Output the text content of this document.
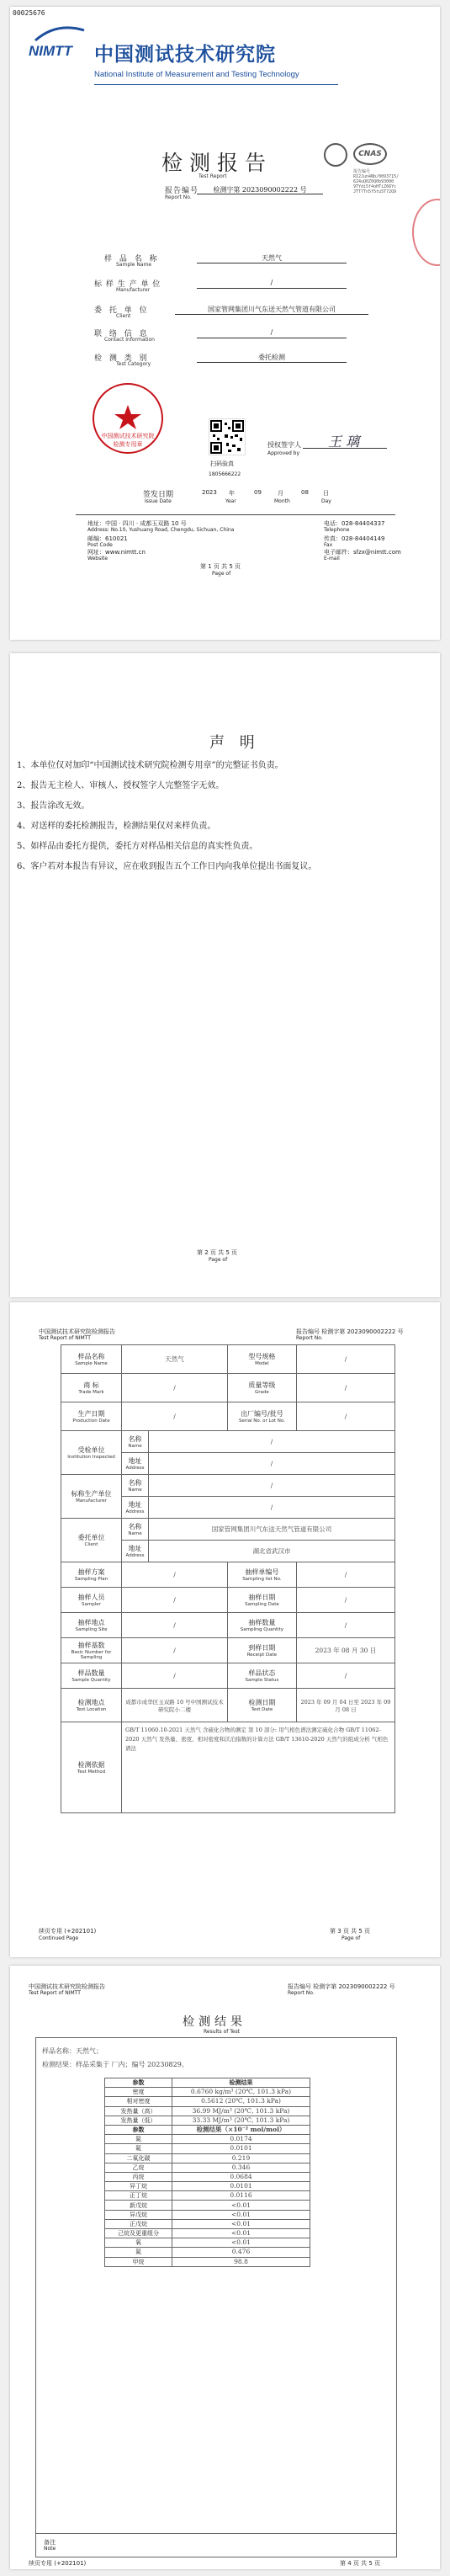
00025676
NIMTT 中国测试技术研究院
National Institute of Measurement and Testing Technology
检测报告
Test Report
CNAS
报告编号
RI2Jun4Nb/0093715/
6Z4uQ0Z0Q0b93000
9TYdi5f4oHTiZ66Yc
JTT7Tn5f5tu5T72Q9
报告编号
Report No.
检测字第 2023090002222 号
样 品 名 称
Sample Name
天然气
标 样 生 产 单 位
Manufacturer
/
委 托 单 位
Client
国家管网集团川气东送天然气管道有限公司
联 络 信 息
Contact Information
/
检 测 类 别
Test Category
委托检测
中国测试技术研究院 检测专用章
扫码验真
1805666222
授权签字人
Approved by
王 璃
签发日期
Issue Date
2023 年	09	月	08 日
Year	Month	Day
地址：中国 · 四川 · 成都玉双路 10 号
Address: No.10, Yushuang Road, Chengdu, Sichuan, China
邮编：610021
Post Code
网址：www.nimtt.cn
Website
电话：028-84404337
Telephone
传真：028-84404149
Fax
电子邮件：sfzx@nimtt.com
E-mail
第 1 页 共 5 页
Page of
声 明
1、本单位仅对加印“中国测试技术研究院检测专用章”的完整证书负责。
2、报告无主检人、审核人、授权签字人完整签字无效。
3、报告涂改无效。
4、对送样的委托检测报告，检测结果仅对来样负责。
5、如样品由委托方提供，委托方对样品相关信息的真实性负责。
6、客户若对本报告有异议，应在收到报告五个工作日内向我单位提出书面复议。
第 2 页 共 5 页
Page of
中国测试技术研究院检测报告
Test Report of NIMTT
报告编号 检测字第 2023090002222 号
Report No.
样品名称
Sample Name	天然气		型号规格
Model	/
商 标
Trade Mark	/		质量等级
Grade	/
生产日期
Production Date	/		出厂编号/批号
Serial No. or Lot No.	/
受检单位
Institution Inspected	名称
Name	/		
	地址
Address	/		
标称生产单位
Manufacturer	名称
Name	/		
	地址
Address	/		
委托单位
Client	名称
Name	国家管网集团川气东送天然气管道有限公司		
	地址
Address	湖北省武汉市		
抽样方案
Sampling Plan	/		抽样单编号
Sampling list No.	/
抽样人员
Sampler	/		抽样日期
Sampling Date	/
抽样地点
Sampling Site	/		抽样数量
Sampling Quantity	/
抽样基数
Basic Number for Sampling	/		到样日期
Receipt Date	2023 年 08 月 30 日
样品数量
Sample Quantity	/		样品状态
Sample Status	/
检测地点
Test Location	成都市成华区玉双路 10 号中国测试技术研究院小二楼		检测日期
Test Date	2023 年 09 月 04 日至 2023 年 09 月 08 日
检测依据
Test Method	GB/T 11060.10-2021 天然气 含硫化合物的测定 第 10 部分: 用气相色谱法测定硫化合物 GB/T 11062-2020 天然气 发热量、密度、相对密度和沃泊指数的计算方法 GB/T 13610-2020 天然气的组成分析 气相色谱法			
续页专用 (+202101)
Continued Page
第 3 页 共 5 页
Page of
中国测试技术研究院检测报告
Test Report of NIMTT
报告编号 检测字第 2023090002222 号
Report No.
检测结果
Results of Test
样品名称：天然气；
检测结果：样品采集于 厂内；编号 20230829。
参数	检测结果
密度	0.6760 kg/m³ (20℃, 101.3 kPa)
相对密度	0.5612 (20℃, 101.3 kPa)
发热量（高）	36.99 MJ/m³ (20℃, 101.3 kPa)
发热量（低）	33.33 MJ/m³ (20℃, 101.3 kPa)
参数	检测结果（×10⁻² mol/mol）
氮	0.0174
氦	0.0101
二氧化碳	0.219
乙烷	0.346
丙烷	0.0684
异丁烷	0.0101
正丁烷	0.0116
新戊烷	<0.01
异戊烷	<0.01
正戊烷	<0.01
己烷及更重组分	<0.01
氧	<0.01
氮	0.476
甲烷	98.8
备注
Note
续页专用 (+202101)	第 4 页 共 5 页
